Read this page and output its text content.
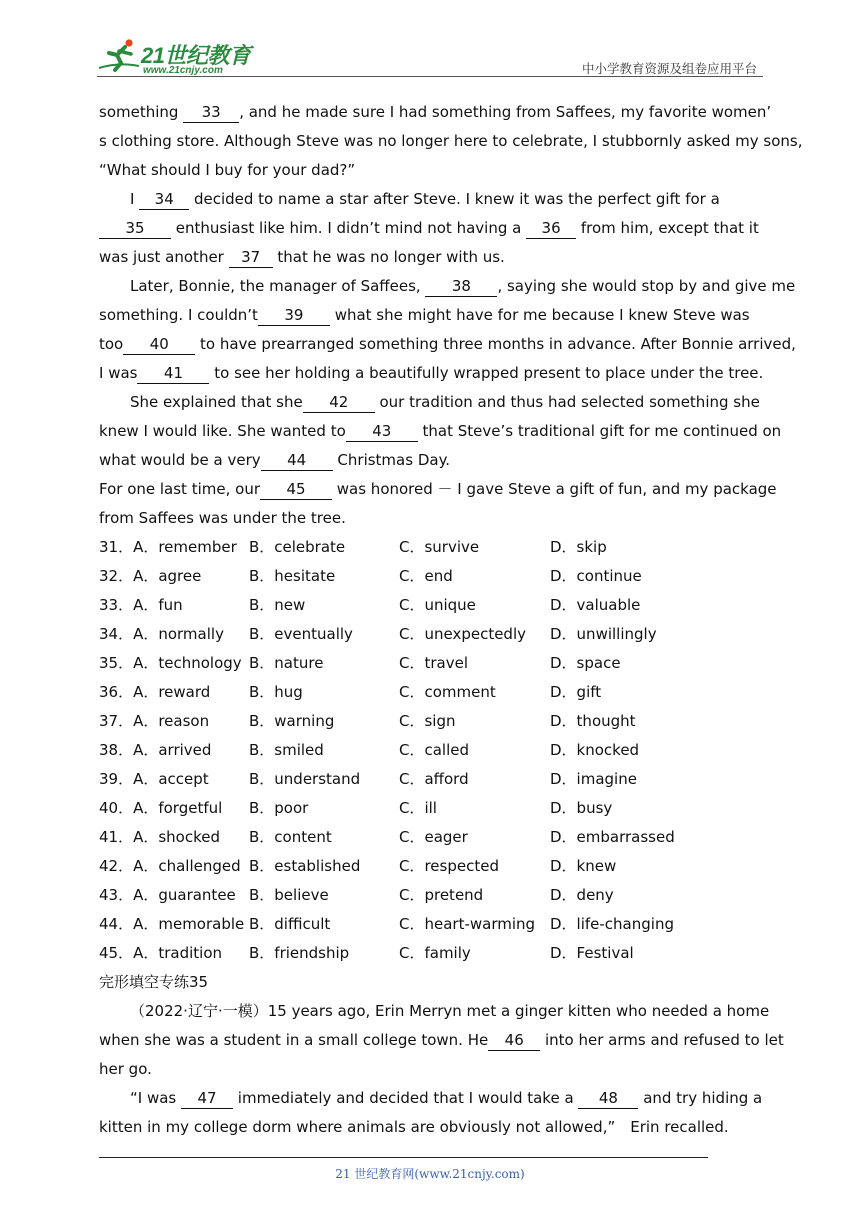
21世纪教育
www.21cnjy.com	中小学教育资源及组卷应用平台
something 33 , and he made sure I had something from Saffees, my favorite women’
s clothing store. Although Steve was no longer here to celebrate, I stubbornly asked my sons,
“What should I buy for your dad?”
I 34 decided to name a star after Steve. I knew it was the perfect gift for a
35 enthusiast like him. I didn’t mind not having a 36 from him, except that it
was just another 37 that he was no longer with us.
Later, Bonnie, the manager of Saffees, 38 , saying she would stop by and give me
something. I couldn’t 39 what she might have for me because I knew Steve was
too 40 to have prearranged something three months in advance. After Bonnie arrived,
I was 41 to see her holding a beautifully wrapped present to place under the tree.
She explained that she 42 our tradition and thus had selected something she
knew I would like. She wanted to 43 that Steve’s traditional gift for me continued on
what would be a very 44 Christmas Day.
For one last time, our 45 was honored － I gave Steve a gift of fun, and my package
from Saffees was under the tree.
31．A．remember B．celebrate	C．survive	D．skip
32．A．agree	B．hesitate	C．end	D．continue
33．A．fun	B．new	C．unique	D．valuable
34．A．normally B．eventually	C．unexpectedly D．unwillingly
35．A．technology B．nature	C．travel	D．space
36．A．reward	B．hug	C．comment	D．gift
37．A．reason	B．warning	C．sign	D．thought
38．A．arrived	B．smiled	C．called	D．knocked
39．A．accept	B．understand	C．afford	D．imagine
40．A．forgetful B．poor	C．ill	D．busy
41．A．shocked B．content	C．eager	D．embarrassed
42．A．challenged B．established	C．respected	D．knew
43．A．guarantee B．believe	C．pretend	D．deny
44．A．memorable B．difficult	C．heart-warming D．life-changing
45．A．tradition B．friendship	C．family	D．Festival
完形填空专练35
（2022·辽宁·一模）15 years ago, Erin Merryn met a ginger kitten who needed a home
when she was a student in a small college town. He 46 into her arms and refused to let
her go.
“I was 47 immediately and decided that I would take a 48 and try hiding a
kitten in my college dorm where animals are obviously not allowed,”　Erin recalled.
21 世纪教育网(www.21cnjy.com)
